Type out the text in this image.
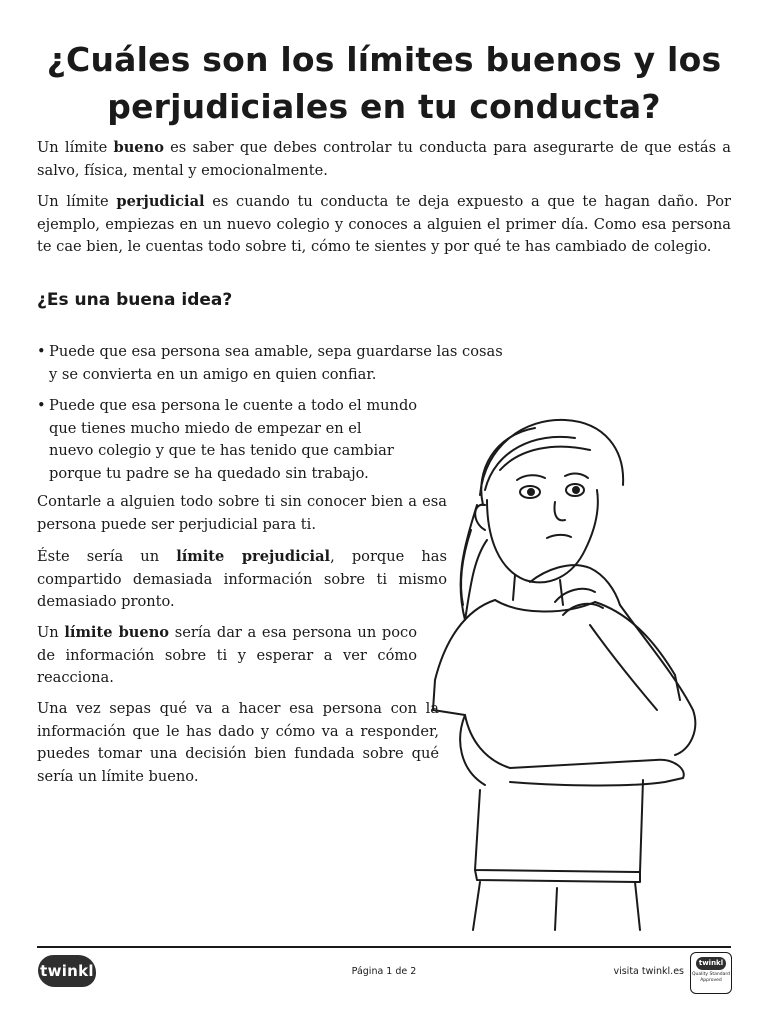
¿Cuáles son los límites buenos y los perjudiciales en tu conducta?

Un límite bueno es saber que debes controlar tu conducta para asegurarte de que estás a salvo, física, mental y emocionalmente.

Un límite perjudicial es cuando tu conducta te deja expuesto a que te hagan daño. Por ejemplo, empiezas en un nuevo colegio y conoces a alguien el primer día. Como esa persona te cae bien, le cuentas todo sobre ti, cómo te sientes y por qué te has cambiado de colegio.

¿Es una buena idea?
• Puede que esa persona sea amable, sepa guardarse las cosas
y se convierta en un amigo en quien confiar.
• Puede que esa persona le cuente a todo el mundo
que tienes mucho miedo de empezar en el
nuevo colegio y que te has tenido que cambiar
porque tu padre se ha quedado sin trabajo.

Contarle a alguien todo sobre ti sin conocer bien a esa persona puede ser perjudicial para ti.

Éste sería un límite prejudicial, porque has compartido demasiada información sobre ti mismo demasiado pronto.

Un límite bueno sería dar a esa persona un poco de información sobre ti y esperar a ver cómo reacciona.

Una vez sepas qué va a hacer esa persona con la información que le has dado y cómo va a responder, puedes tomar una decisión bien fundada sobre qué sería un límite bueno.

twinkl	Página 1 de 2	visita twinkl.es
twinkl
Quality Standard
Approved
